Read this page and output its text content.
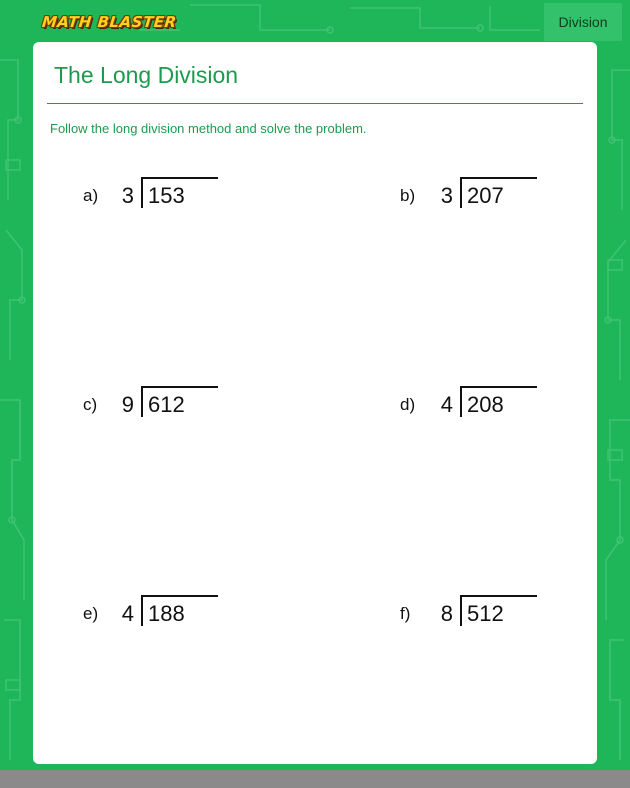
MATH BLASTER	Division
The Long Division
Follow the long division method and solve the problem.
a) 3 153	b) 3 207
c) 9 612	d) 4 208
e) 4 188	f) 8 512
